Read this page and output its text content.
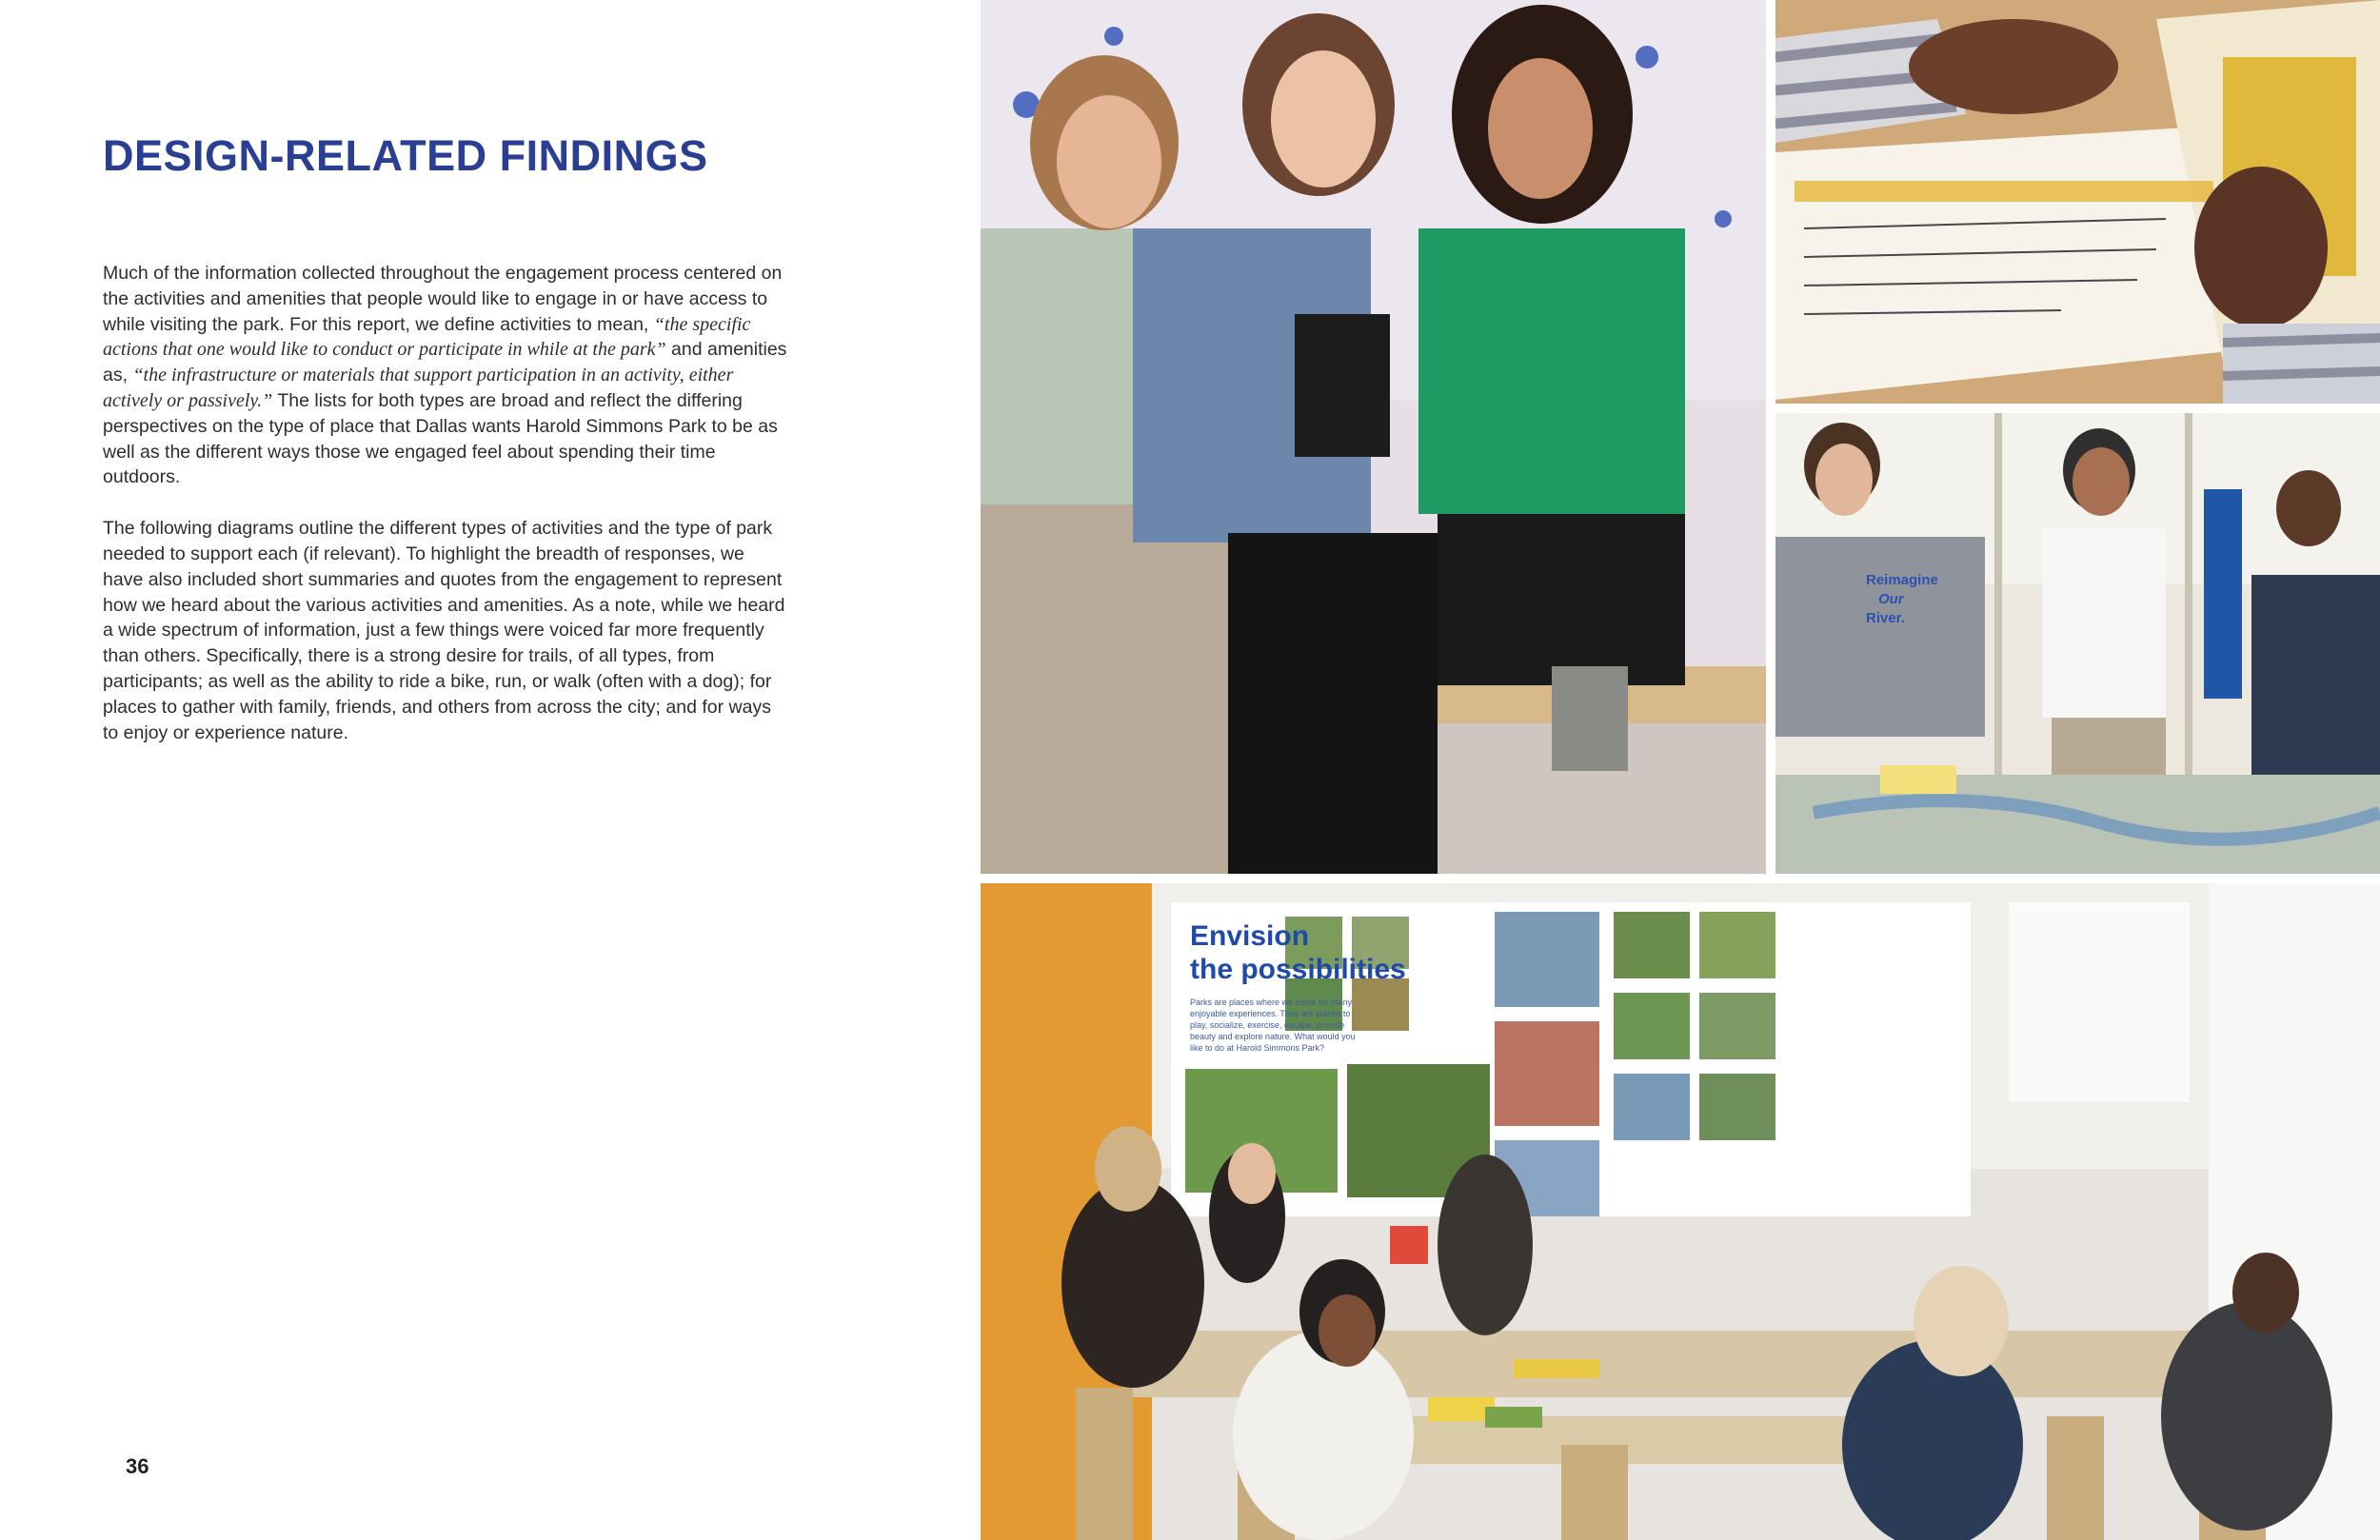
DESIGN-RELATED FINDINGS

Much of the information collected throughout the engagement process centered on the activities and amenities that people would like to engage in or have access to while visiting the park. For this report, we define activities to mean, “the specific actions that one would like to conduct or participate in while at the park” and amenities as, “the infrastructure or materials that support participation in an activity, either actively or passively.” The lists for both types are broad and reflect the differing perspectives on the type of place that Dallas wants Harold Simmons Park to be as well as the different ways those we engaged feel about spending their time outdoors.

The following diagrams outline the different types of activities and the type of park needed to support each (if relevant). To highlight the breadth of responses, we have also included short summaries and quotes from the engagement to represent how we heard about the various activities and amenities. As a note, while we heard a wide spectrum of information, just a few things were voiced far more frequently than others. Specifically, there is a strong desire for trails, of all types, from participants; as well as the ability to ride a bike, run, or walk (often with a dog); for places to gather with family, friends, and others from across the city; and for ways to enjoy or experience nature.

36
Reimagine
Our
River.
Envision
the possibilities
Parks are places where we come for many
enjoyable experiences. They are places to
play, socialize, exercise, escape, provide
beauty and explore nature. What would you
like to do at Harold Simmons Park?
